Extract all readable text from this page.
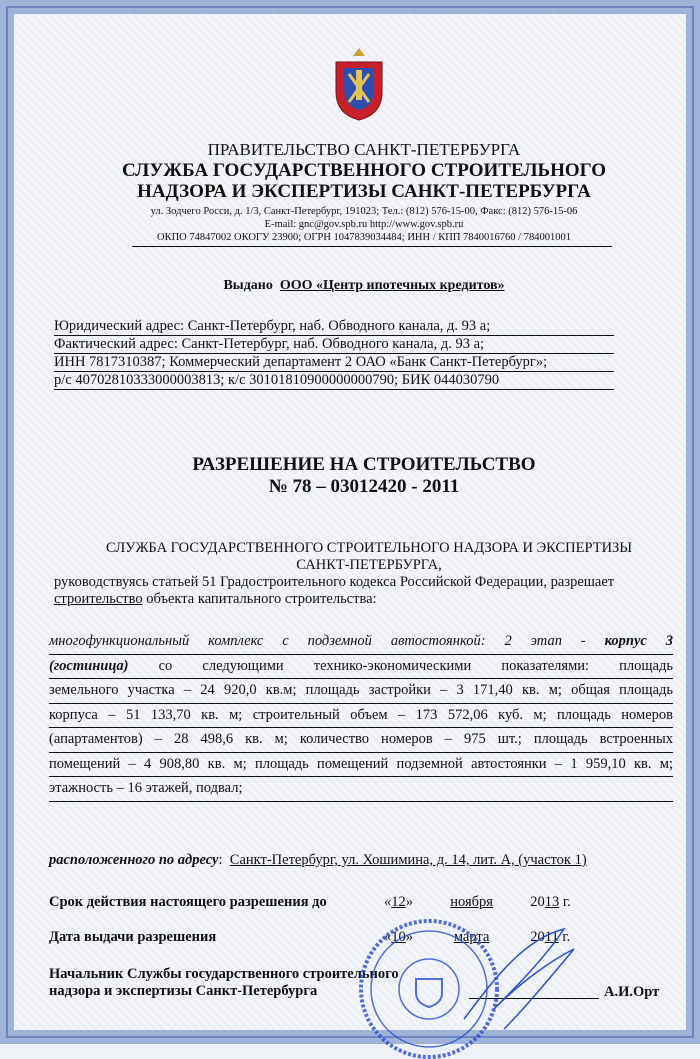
ПРАВИТЕЛЬСТВО САНКТ-ПЕТЕРБУРГА
СЛУЖБА ГОСУДАРСТВЕННОГО СТРОИТЕЛЬНОГО
НАДЗОРА И ЭКСПЕРТИЗЫ САНКТ-ПЕТЕРБУРГА
ул. Зодчего Росси, д. 1/3, Санкт-Петербург, 191023; Тел.: (812) 576-15-00, Факс: (812) 576-15-06
E-mail: gnc@gov.spb.ru http://www.gov.spb.ru
ОКПО 74847002 ОКОГУ 23900; ОГРН 1047839034484; ИНН / КПП 7840016760 / 784001001
Выдано ООО «Центр ипотечных кредитов»
Юридический адрес: Санкт-Петербург, наб. Обводного канала, д. 93 а;
Фактический адрес: Санкт-Петербург, наб. Обводного канала, д. 93 а;
ИНН 7817310387; Коммерческий департамент 2 ОАО «Банк Санкт-Петербург»;
р/с 40702810333000003813; к/с 30101810900000000790; БИК 044030790
РАЗРЕШЕНИЕ НА СТРОИТЕЛЬСТВО
№ 78 – 03012420 - 2011
СЛУЖБА ГОСУДАРСТВЕННОГО СТРОИТЕЛЬНОГО НАДЗОРА И ЭКСПЕРТИЗЫ
САНКТ-ПЕТЕРБУРГА,
руководствуясь статьей 51 Градостроительного кодекса Российской Федерации, разрешает
строительство объекта капитального строительства:
многофункциональный комплекс с подземной автостоянкой: 2 этап - корпус 3
(гостиница) со следующими технико-экономическими показателями: площадь
земельного участка – 24 920,0 кв.м; площадь застройки – 3 171,40 кв. м; общая площадь
корпуса – 51 133,70 кв. м; строительный объем – 173 572,06 куб. м; площадь номеров
(апартаментов) – 28 498,6 кв. м; количество номеров – 975 шт.; площадь встроенных
помещений – 4 908,80 кв. м; площадь помещений подземной автостоянки – 1 959,10 кв. м;
этажность – 16 этажей, подвал;
расположенного по адресу:  Санкт-Петербург, ул. Хошимина, д. 14, лит. А, (участок 1)
Срок действия настоящего разрешения до	«12» ноября	2013 г.
Дата выдачи разрешения	«10»	марта	2011 г.
Начальник Службы государственного строительного
надзора и экспертизы Санкт-Петербурга	А.И.Орт
